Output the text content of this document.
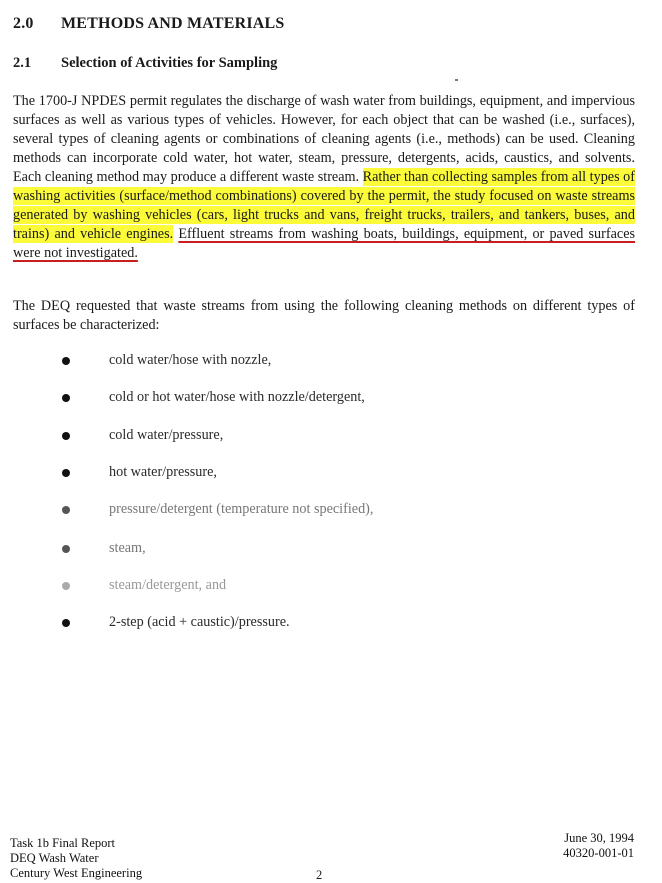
2.0 METHODS AND MATERIALS
2.1 Selection of Activities for Sampling
The 1700-J NPDES permit regulates the discharge of wash water from buildings, equipment, and impervious surfaces as well as various types of vehicles. However, for each object that can be washed (i.e., surfaces), several types of cleaning agents or combinations of cleaning agents (i.e., methods) can be used. Cleaning methods can incorporate cold water, hot water, steam, pressure, detergents, acids, caustics, and solvents. Each cleaning method may produce a different waste stream. Rather than collecting samples from all types of washing activities (surface/method combinations) covered by the permit, the study focused on waste streams generated by washing vehicles (cars, light trucks and vans, freight trucks, trailers, and tankers, buses, and trains) and vehicle engines. Effluent streams from washing boats, buildings, equipment, or paved surfaces were not investigated.
The DEQ requested that waste streams from using the following cleaning methods on different types of surfaces be characterized:
cold water/hose with nozzle,
cold or hot water/hose with nozzle/detergent,
cold water/pressure,
hot water/pressure,
pressure/detergent (temperature not specified),
steam,
steam/detergent, and
2-step (acid + caustic)/pressure.
Task 1b Final Report
DEQ Wash Water
Century West Engineering
June 30, 1994
40320-001-01
2
